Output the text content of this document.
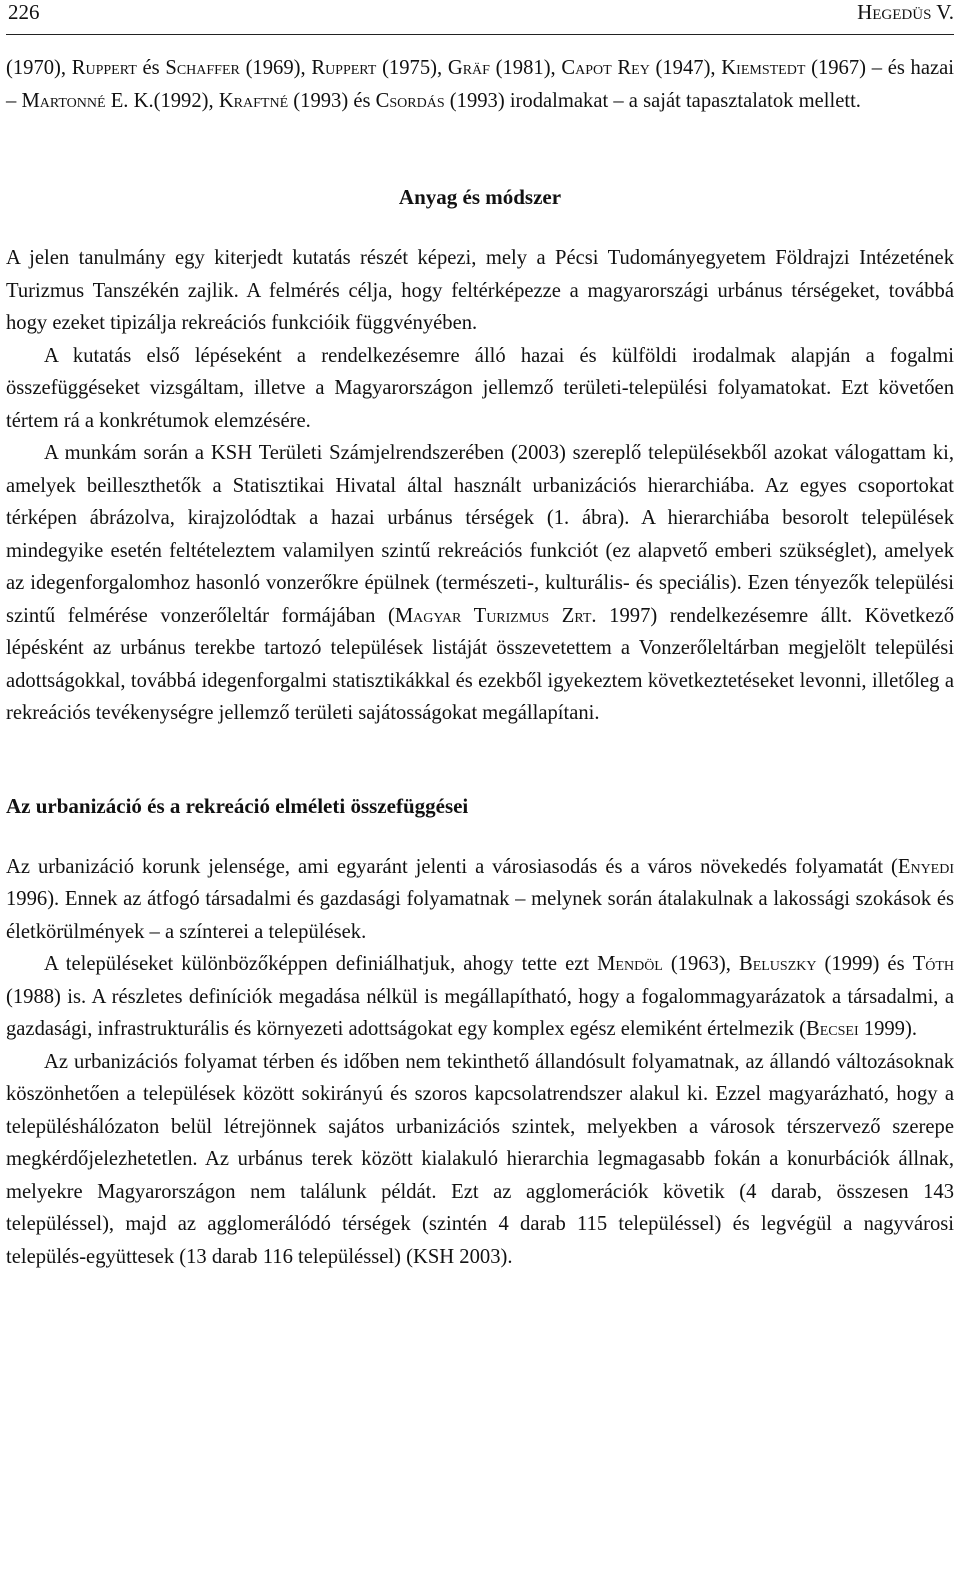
226	Hegedüs V.

(1970), Ruppert és Schaffer (1969), Ruppert (1975), Gräf (1981), Capot Rey (1947), Kiemstedt (1967) – és hazai – Martonné E. K.(1992), Kraftné (1993) és Csordás (1993) irodalmakat – a saját tapasztalatok mellett.

Anyag és módszer

A jelen tanulmány egy kiterjedt kutatás részét képezi, mely a Pécsi Tudományegyetem Földrajzi Intézetének Turizmus Tanszékén zajlik. A felmérés célja, hogy feltérképezze a magyarországi urbánus térségeket, továbbá hogy ezeket tipizálja rekreációs funkcióik függvényében.

A kutatás első lépéseként a rendelkezésemre álló hazai és külföldi irodalmak alapján a fogalmi összefüggéseket vizsgáltam, illetve a Magyarországon jellemző területi-települési folyamatokat. Ezt követően tértem rá a konkrétumok elemzésére.

A munkám során a KSH Területi Számjelrendszerében (2003) szereplő településekből azokat válogattam ki, amelyek beilleszthetők a Statisztikai Hivatal által használt urbanizációs hierarchiába. Az egyes csoportokat térképen ábrázolva, kirajzolódtak a hazai urbánus térségek (1. ábra). A hierarchiába besorolt települések mindegyike esetén feltételeztem valamilyen szintű rekreációs funkciót (ez alapvető emberi szükséglet), amelyek az idegenforgalomhoz hasonló vonzerőkre épülnek (természeti-, kulturális- és speciális). Ezen tényezők települési szintű felmérése vonzerőleltár formájában (Magyar Turizmus Zrt. 1997) rendelkezésemre állt. Következő lépésként az urbánus terekbe tartozó települések listáját összevetettem a Vonzerőleltárban megjelölt települési adottságokkal, továbbá idegenforgalmi statisztikákkal és ezekből igyekeztem következtetéseket levonni, illetőleg a rekreációs tevékenységre jellemző területi sajátosságokat megállapítani.

Az urbanizáció és a rekreáció elméleti összefüggései

Az urbanizáció korunk jelensége, ami egyaránt jelenti a városiasodás és a város növekedés folyamatát (Enyedi 1996). Ennek az átfogó társadalmi és gazdasági folyamatnak – melynek során átalakulnak a lakossági szokások és életkörülmények – a színterei a települések.

A településeket különbözőképpen definiálhatjuk, ahogy tette ezt Mendöl (1963), Beluszky (1999) és Tóth (1988) is. A részletes definíciók megadása nélkül is megállapítható, hogy a fogalommagyarázatok a társadalmi, a gazdasági, infrastrukturális és környezeti adottságokat egy komplex egész elemiként értelmezik (Becsei 1999).

Az urbanizációs folyamat térben és időben nem tekinthető állandósult folyamatnak, az állandó változásoknak köszönhetően a települések között sokirányú és szoros kapcsolatrendszer alakul ki. Ezzel magyarázható, hogy a településhálózaton belül létrejönnek sajátos urbanizációs szintek, melyekben a városok térszervező szerepe megkérdőjelezhetetlen. Az urbánus terek között kialakuló hierarchia legmagasabb fokán a konurbációk állnak, melyekre Magyarországon nem találunk példát. Ezt az agglomerációk követik (4 darab, összesen 143 településsel), majd az agglomerálódó térségek (szintén 4 darab 115 településsel) és legvégül a nagyvárosi település-együttesek (13 darab 116 településsel) (KSH 2003).
